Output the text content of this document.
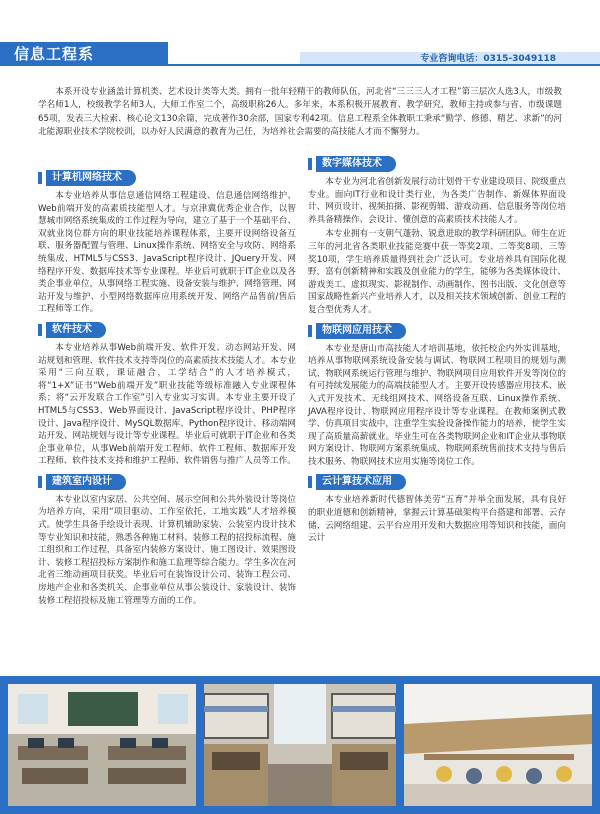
信息工程系	专业咨询电话：0315-3049118
本系开设专业涵盖计算机类、艺术设计类等大类。拥有一批年轻精干的教师队伍，河北省“三三三人才工程”第三层次人选3人，市级教学名师1人，校级教学名师3人，大师工作室二个，高级职称26人。多年来，本系积极开展教育、教学研究，教师主持或参与省、市级课题65项，发表三大检索、核心论文130余篇，完成著作30余部，国家专利42项。信息工程系全体教职工秉承“勤学、修德、精艺、求新”的河北能源职业技术学院校训，以办好人民满意的教育为己任，为培养社会需要的高技能人才而不懈努力。
计算机网络技术

本专业培养从事信息通信网络工程建设、信息通信网络维护、Web前端开发的高素质技能型人才。与京津冀优秀企业合作，以智慧城市网络系统集成的工作过程为导向，建立了基于一个基础平台、双就业岗位群方向的职业技能培养课程体系，主要开设网络设备互联、服务器配置与管理、Linux操作系统、网络安全与攻防、网络系统集成、HTML5与CSS3、JavaScript程序设计、JQuery开发、网络程序开发、数据库技术等专业课程。毕业后可就职于IT企业以及各类企事业单位，从事网络工程实施、设备安装与维护、网络管理、网站开发与维护、小型网络数据库应用系统开发、网络产品售前/售后工程师等工作。

软件技术

本专业培养从事Web前端开发、软件开发、动态网站开发、网站规划和管理、软件技术支持等岗位的高素质技术技能人才。本专业采用“三向互联，课证融合，工学结合”的人才培养模式，将“1+X”证书“Web前端开发”职业技能等级标准融入专业课程体系；将“云开发联合工作室”引入专业实习实训。本专业主要开设了HTML5与CSS3、Web界面设计、JavaScript程序设计、PHP程序设计、Java程序设计、MySQL数据库、Python程序设计、移动端网站开发、网站规划与设计等专业课程。毕业后可就职于IT企业和各类企事业单位，从事Web前端开发工程师、软件工程师、数据库开发工程师、软件技术支持和维护工程师、软件销售与推广人员等工作。

建筑室内设计

本专业以室内家居、公共空间、展示空间和公共外装设计等岗位为培养方向，采用“项目驱动、工作室依托、工地实践”人才培养模式。使学生具备手绘设计表现、计算机辅助家装、公装室内设计技术等专业知识和技能，熟悉各种施工材料、装修工程的招投标流程、施工组织和工作过程，具备室内装修方案设计、施工图设计、效果图设计、装修工程招投标方案制作和施工监理等综合能力。学生多次在河北省三维动画项目获奖。毕业后可在装饰设计公司、装饰工程公司、房地产企业和各类机关、企事业单位从事公装设计、家装设计、装饰装修工程招投标及施工管理等方面的工作。

数字媒体技术

本专业为河北省创新发展行动计划骨干专业建设项目、院级重点专业。面向IT行业和设计类行业，为各类广告制作、新媒体界面设计、网页设计、视频拍摄、影视剪辑、游戏动画、信息服务等岗位培养具备精操作、会设计、懂创意的高素质技术技能人才。

本专业拥有一支朝气蓬勃、锐意进取的教学科研团队。师生在近三年的河北省各类职业技能竞赛中获一等奖2项、二等奖8项、三等奖10项，学生培养质量得到社会广泛认可。专业培养具有国际化视野，富有创新精神和实践及创业能力的学生，能够为各类媒体设计、游戏美工、虚拟现实、影视制作、动画制作、图书出版、文化创意等国家战略性新兴产业培养人才，以及相关技术领域创新、创业工程的复合型优秀人才。

物联网应用技术

本专业是唐山市高技能人才培训基地，依托校企内外实训基地，培养从事物联网系统设备安装与调试、物联网工程项目的规划与测试、物联网系统运行管理与维护、物联网项目应用软件开发等岗位的有可持续发展能力的高端技能型人才。主要开设传感器应用技术、嵌入式开发技术、无线组网技术、网络设备互联、Linux操作系统、JAVA程序设计、物联网应用程序设计等专业课程。在教师案例式教学、仿真项目实战中，注重学生实验设备操作能力的培养，使学生实现了高质量高薪就业。毕业生可在各类物联网企业和IT企业从事物联网方案设计、物联网方案系统集成、物联网系统售前技术支持与售后技术服务、物联网技术应用实施等岗位工作。

云计算技术应用

本专业培养新时代德智体美劳“五育”并举全面发展，具有良好的职业道德和创新精神，掌握云计算基础架构平台搭建和部署、云存储、云网络组建、云平台应用开发和大数据应用等知识和技能，面向云计
